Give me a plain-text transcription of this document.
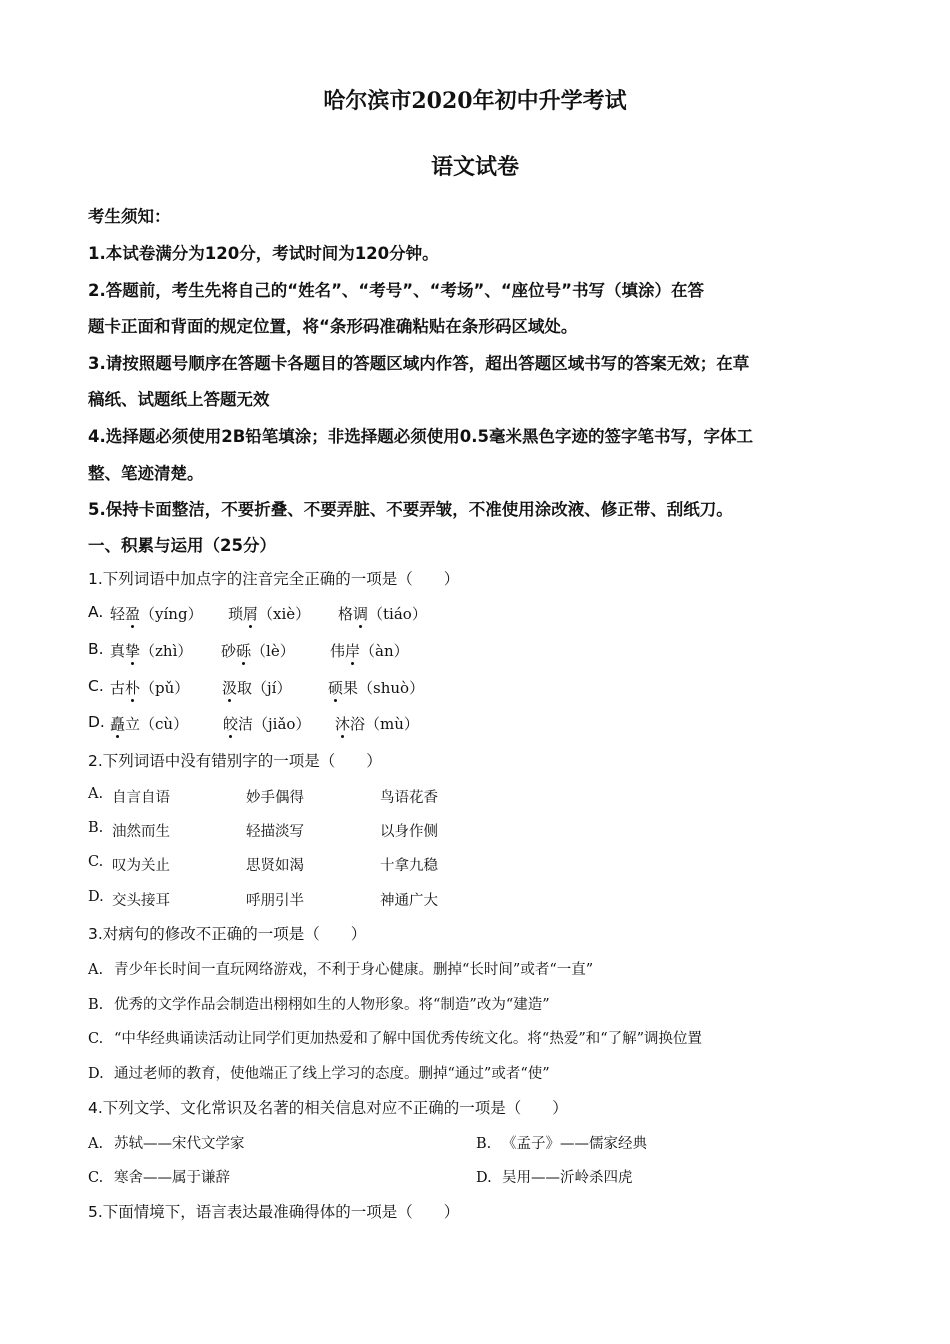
哈尔滨市2020年初中升学考试
语文试卷
考生须知：
1.本试卷满分为120分，考试时间为120分钟。
2.答题前，考生先将自己的“姓名”、“考号”、“考场”、“座位号”书写（填涂）在答
题卡正面和背面的规定位置，将“条形码准确粘贴在条形码区域处。
3.请按照题号顺序在答题卡各题目的答题区域内作答，超出答题区域书写的答案无效；在草
稿纸、试题纸上答题无效
4.选择题必须使用2B铅笔填涂；非选择题必须使用0.5毫米黑色字迹的签字笔书写，字体工
整、笔迹清楚。
5.保持卡面整洁，不要折叠、不要弄脏、不要弄皱，不准使用涂改液、修正带、刮纸刀。
一、积累与运用（25分）
1.下列词语中加点字的注音完全正确的一项是（　　）
A. 轻盈（yíng） 琐屑（xiè） 格调（tiáo）
B. 真挚（zhì） 砂砾（lè） 伟岸（àn）
C. 古朴（pǔ） 汲取（jí） 硕果（shuò）
D. 矗立（cù） 皎洁（jiǎo） 沐浴（mù）
2.下列词语中没有错别字的一项是（　　）
A. 自言自语	妙手偶得	鸟语花香
B. 油然而生	轻描淡写	以身作侧
C. 叹为关止	思贤如渴	十拿九稳
D. 交头接耳	呼朋引半	神通广大
3.对病句的修改不正确的一项是（　　）
A. 青少年长时间一直玩网络游戏，不利于身心健康。删掉“长时间”或者“一直”
B. 优秀的文学作品会制造出栩栩如生的人物形象。将“制造”改为“建造”
C. “中华经典诵读活动让同学们更加热爱和了解中国优秀传统文化。将“热爱”和“了解”调换位置
D. 通过老师的教育，使他端正了线上学习的态度。删掉“通过”或者“使”
4.下列文学、文化常识及名著的相关信息对应不正确的一项是（　　）
A. 苏轼——宋代文学家	B. 《孟子》——儒家经典
C. 寒舍——属于谦辞	D. 吴用——沂岭杀四虎
5.下面情境下，语言表达最准确得体的一项是（　　）
